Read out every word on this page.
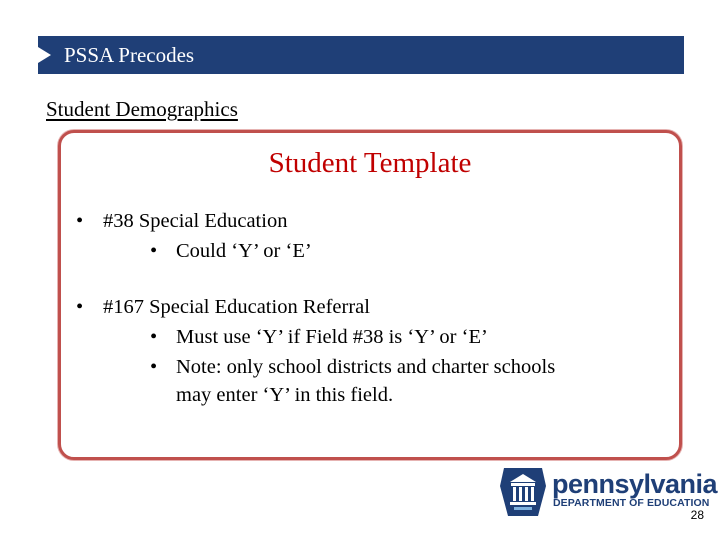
PSSA Precodes
Student Demographics
Student Template
• #38 Special Education
• Could ‘Y’ or ‘E’
• #167 Special Education Referral
• Must use ‘Y’ if Field #38 is ‘Y’ or ‘E’
• Note: only school districts and charter schools
may enter ‘Y’ in this field.
pennsylvania
DEPARTMENT OF EDUCATION
28
